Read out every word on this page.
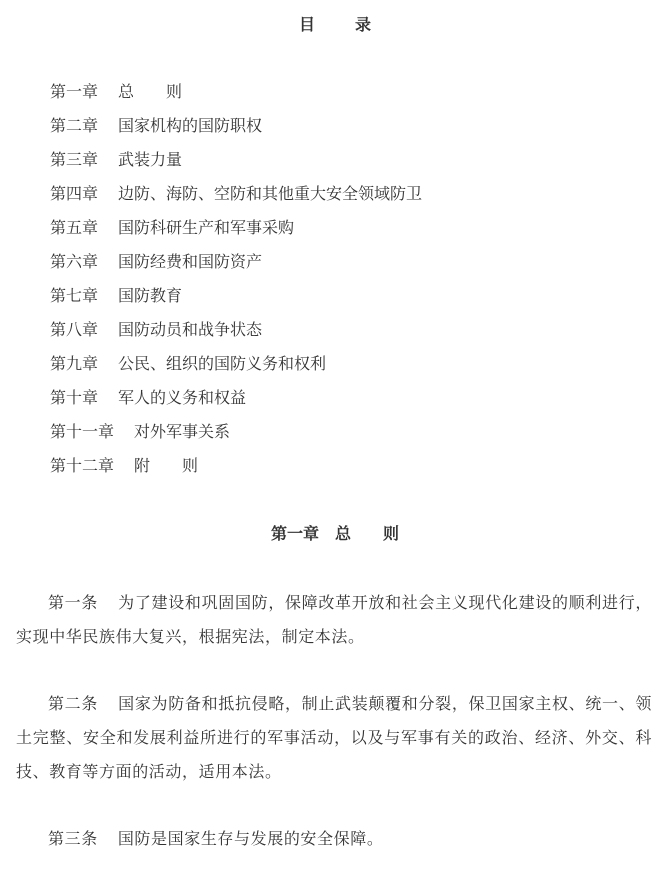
目	录
第一章 总　　则
第二章 国家机构的国防职权
第三章 武装力量
第四章 边防、海防、空防和其他重大安全领域防卫
第五章 国防科研生产和军事采购
第六章 国防经费和国防资产
第七章 国防教育
第八章 国防动员和战争状态
第九章 公民、组织的国防义务和权利
第十章 军人的义务和权益
第十一章 对外军事关系
第十二章 附　　则
第一章　总　　则

第一条 为了建设和巩固国防，保障改革开放和社会主义现代化建设的顺利进行，实现中华民族伟大复兴，根据宪法，制定本法。

第二条 国家为防备和抵抗侵略，制止武装颠覆和分裂，保卫国家主权、统一、领土完整、安全和发展利益所进行的军事活动，以及与军事有关的政治、经济、外交、科技、教育等方面的活动，适用本法。

第三条 国防是国家生存与发展的安全保障。
